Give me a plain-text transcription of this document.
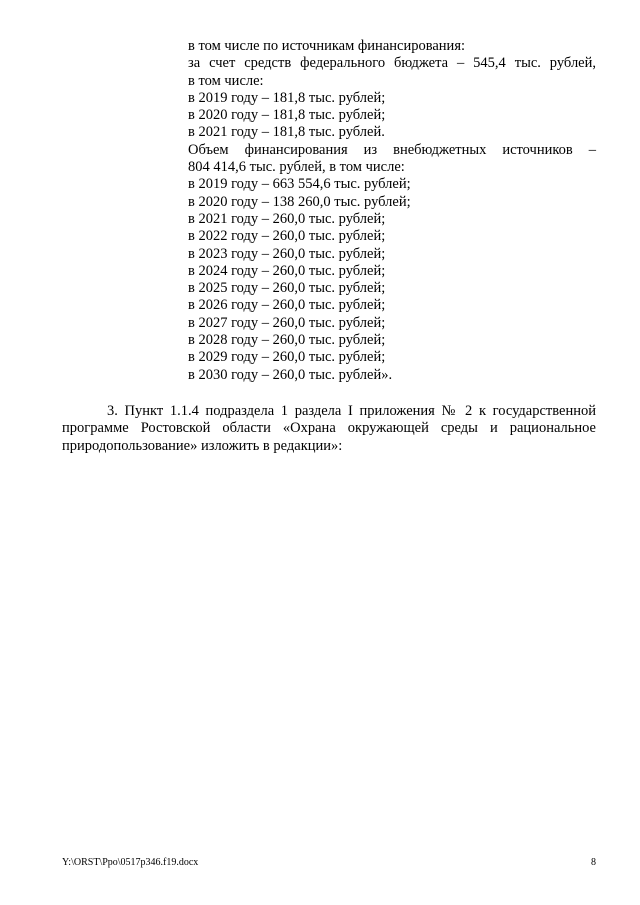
в том числе по источникам финансирования:
за счет средств федерального бюджета – 545,4 тыс. рублей,
в том числе:
в 2019 году – 181,8 тыс. рублей;
в 2020 году – 181,8 тыс. рублей;
в 2021 году – 181,8 тыс. рублей.
Объем финансирования из внебюджетных источников –
804 414,6 тыс. рублей, в том числе:
в 2019 году – 663 554,6 тыс. рублей;
в 2020 году – 138 260,0 тыс. рублей;
в 2021 году – 260,0 тыс. рублей;
в 2022 году – 260,0 тыс. рублей;
в 2023 году – 260,0 тыс. рублей;
в 2024 году – 260,0 тыс. рублей;
в 2025 году – 260,0 тыс. рублей;
в 2026 году – 260,0 тыс. рублей;
в 2027 году – 260,0 тыс. рублей;
в 2028 году – 260,0 тыс. рублей;
в 2029 году – 260,0 тыс. рублей;
в 2030 году – 260,0 тыс. рублей».

3. Пункт 1.1.4 подраздела 1 раздела I приложения № 2 к государственной программе Ростовской области «Охрана окружающей среды и рациональное природопользование» изложить в редакции»:

Y:\ORST\Ppo\0517p346.f19.docx	8
